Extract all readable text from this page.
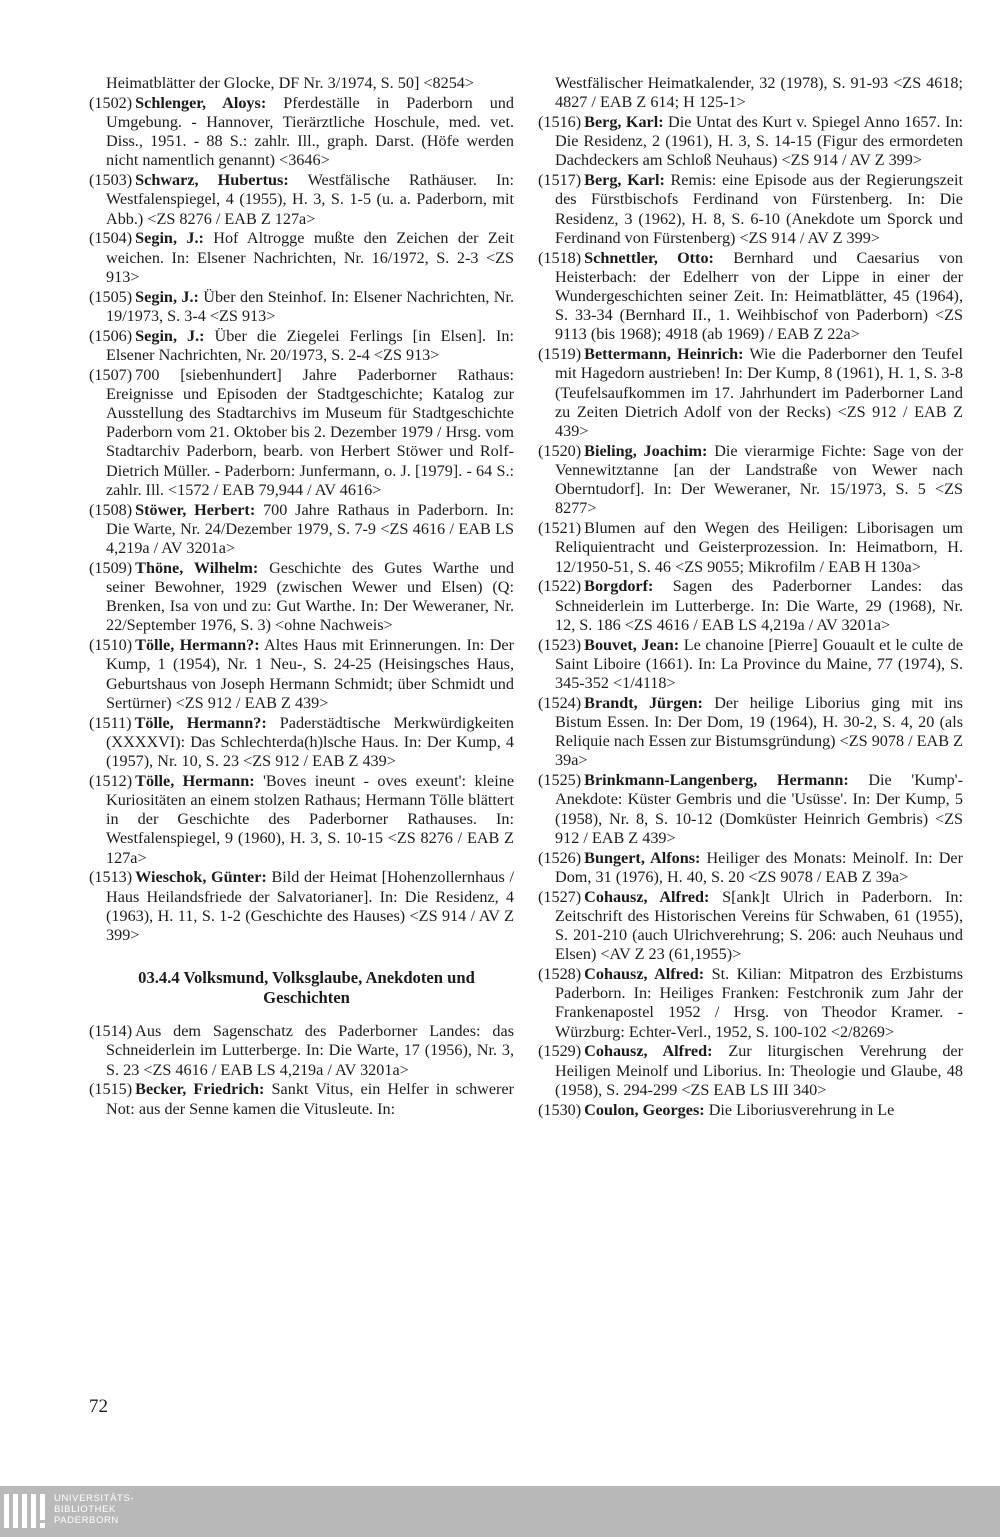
Heimatblätter der Glocke, DF Nr. 3/1974, S. 50] <8254>

(1502) Schlenger, Aloys: Pferdeställe in Paderborn und Umgebung. - Hannover, Tierärztliche Hoschule, med. vet. Diss., 1951. - 88 S.: zahlr. Ill., graph. Darst. (Höfe werden nicht namentlich genannt) <3646>

(1503) Schwarz, Hubertus: Westfälische Rathäuser. In: Westfalenspiegel, 4 (1955), H. 3, S. 1-5 (u. a. Paderborn, mit Abb.) <ZS 8276 / EAB Z 127a>

(1504) Segin, J.: Hof Altrogge mußte den Zeichen der Zeit weichen. In: Elsener Nachrichten, Nr. 16/1972, S. 2-3 <ZS 913>

(1505) Segin, J.: Über den Steinhof. In: Elsener Nachrichten, Nr. 19/1973, S. 3-4 <ZS 913>

(1506) Segin, J.: Über die Ziegelei Ferlings [in Elsen]. In: Elsener Nachrichten, Nr. 20/1973, S. 2-4 <ZS 913>

(1507) 700 [siebenhundert] Jahre Paderborner Rathaus: Ereignisse und Episoden der Stadtgeschichte; Katalog zur Ausstellung des Stadtarchivs im Museum für Stadtgeschichte Paderborn vom 21. Oktober bis 2. Dezember 1979 / Hrsg. vom Stadtarchiv Paderborn, bearb. von Herbert Stöwer und Rolf-Dietrich Müller. - Paderborn: Junfermann, o. J. [1979]. - 64 S.: zahlr. Ill. <1572 / EAB 79,944 / AV 4616>

(1508) Stöwer, Herbert: 700 Jahre Rathaus in Paderborn. In: Die Warte, Nr. 24/Dezember 1979, S. 7-9 <ZS 4616 / EAB LS 4,219a / AV 3201a>

(1509) Thöne, Wilhelm: Geschichte des Gutes Warthe und seiner Bewohner, 1929 (zwischen Wewer und Elsen) (Q: Brenken, Isa von und zu: Gut Warthe. In: Der Weweraner, Nr. 22/September 1976, S. 3) <ohne Nachweis>

(1510) Tölle, Hermann?: Altes Haus mit Erinnerungen. In: Der Kump, 1 (1954), Nr. 1 Neu-, S. 24-25 (Heisingsches Haus, Geburtshaus von Joseph Hermann Schmidt; über Schmidt und Sertürner) <ZS 912 / EAB Z 439>

(1511) Tölle, Hermann?: Paderstädtische Merkwürdigkeiten (XXXXVI): Das Schlechterda(h)lsche Haus. In: Der Kump, 4 (1957), Nr. 10, S. 23 <ZS 912 / EAB Z 439>

(1512) Tölle, Hermann: 'Boves ineunt - oves exeunt': kleine Kuriositäten an einem stolzen Rathaus; Hermann Tölle blättert in der Geschichte des Paderborner Rathauses. In: Westfalenspiegel, 9 (1960), H. 3, S. 10-15 <ZS 8276 / EAB Z 127a>

(1513) Wieschok, Günter: Bild der Heimat [Hohenzollernhaus / Haus Heilandsfriede der Salvatorianer]. In: Die Residenz, 4 (1963), H. 11, S. 1-2 (Geschichte des Hauses) <ZS 914 / AV Z 399>

03.4.4 Volksmund, Volksglaube, Anekdoten und Geschichten

(1514) Aus dem Sagenschatz des Paderborner Landes: das Schneiderlein im Lutterberge. In: Die Warte, 17 (1956), Nr. 3, S. 23 <ZS 4616 / EAB LS 4,219a / AV 3201a>

(1515) Becker, Friedrich: Sankt Vitus, ein Helfer in schwerer Not: aus der Senne kamen die Vitusleute. In:

Westfälischer Heimatkalender, 32 (1978), S. 91-93 <ZS 4618; 4827 / EAB Z 614; H 125-1>

(1516) Berg, Karl: Die Untat des Kurt v. Spiegel Anno 1657. In: Die Residenz, 2 (1961), H. 3, S. 14-15 (Figur des ermordeten Dachdeckers am Schloß Neuhaus) <ZS 914 / AV Z 399>

(1517) Berg, Karl: Remis: eine Episode aus der Regierungszeit des Fürstbischofs Ferdinand von Fürstenberg. In: Die Residenz, 3 (1962), H. 8, S. 6-10 (Anekdote um Sporck und Ferdinand von Fürstenberg) <ZS 914 / AV Z 399>

(1518) Schnettler, Otto: Bernhard und Caesarius von Heisterbach: der Edelherr von der Lippe in einer der Wundergeschichten seiner Zeit. In: Heimatblätter, 45 (1964), S. 33-34 (Bernhard II., 1. Weihbischof von Paderborn) <ZS 9113 (bis 1968); 4918 (ab 1969) / EAB Z 22a>

(1519) Bettermann, Heinrich: Wie die Paderborner den Teufel mit Hagedorn austrieben! In: Der Kump, 8 (1961), H. 1, S. 3-8 (Teufelsaufkommen im 17. Jahrhundert im Paderborner Land zu Zeiten Dietrich Adolf von der Recks) <ZS 912 / EAB Z 439>

(1520) Bieling, Joachim: Die vierarmige Fichte: Sage von der Vennewitztanne [an der Landstraße von Wewer nach Oberntudorf]. In: Der Weweraner, Nr. 15/1973, S. 5 <ZS 8277>

(1521) Blumen auf den Wegen des Heiligen: Liborisagen um Reliquientracht und Geisterprozession. In: Heimatborn, H. 12/1950-51, S. 46 <ZS 9055; Mikrofilm / EAB H 130a>

(1522) Borgdorf: Sagen des Paderborner Landes: das Schneiderlein im Lutterberge. In: Die Warte, 29 (1968), Nr. 12, S. 186 <ZS 4616 / EAB LS 4,219a / AV 3201a>

(1523) Bouvet, Jean: Le chanoine [Pierre] Gouault et le culte de Saint Liboire (1661). In: La Province du Maine, 77 (1974), S. 345-352 <1/4118>

(1524) Brandt, Jürgen: Der heilige Liborius ging mit ins Bistum Essen. In: Der Dom, 19 (1964), H. 30-2, S. 4, 20 (als Reliquie nach Essen zur Bistumsgründung) <ZS 9078 / EAB Z 39a>

(1525) Brinkmann-Langenberg, Hermann: Die 'Kump'-Anekdote: Küster Gembris und die 'Usüsse'. In: Der Kump, 5 (1958), Nr. 8, S. 10-12 (Domküster Heinrich Gembris) <ZS 912 / EAB Z 439>

(1526) Bungert, Alfons: Heiliger des Monats: Meinolf. In: Der Dom, 31 (1976), H. 40, S. 20 <ZS 9078 / EAB Z 39a>

(1527) Cohausz, Alfred: S[ank]t Ulrich in Paderborn. In: Zeitschrift des Historischen Vereins für Schwaben, 61 (1955), S. 201-210 (auch Ulrichverehrung; S. 206: auch Neuhaus und Elsen) <AV Z 23 (61,1955)>

(1528) Cohausz, Alfred: St. Kilian: Mitpatron des Erzbistums Paderborn. In: Heiliges Franken: Festchronik zum Jahr der Frankenapostel 1952 / Hrsg. von Theodor Kramer. - Würzburg: Echter-Verl., 1952, S. 100-102 <2/8269>

(1529) Cohausz, Alfred: Zur liturgischen Verehrung der Heiligen Meinolf und Liborius. In: Theologie und Glaube, 48 (1958), S. 294-299 <ZS EAB LS III 340>

(1530) Coulon, Georges: Die Liboriusverehrung in Le

72
UNIVERSITÄTS-
BIBLIOTHEK
PADERBORN
